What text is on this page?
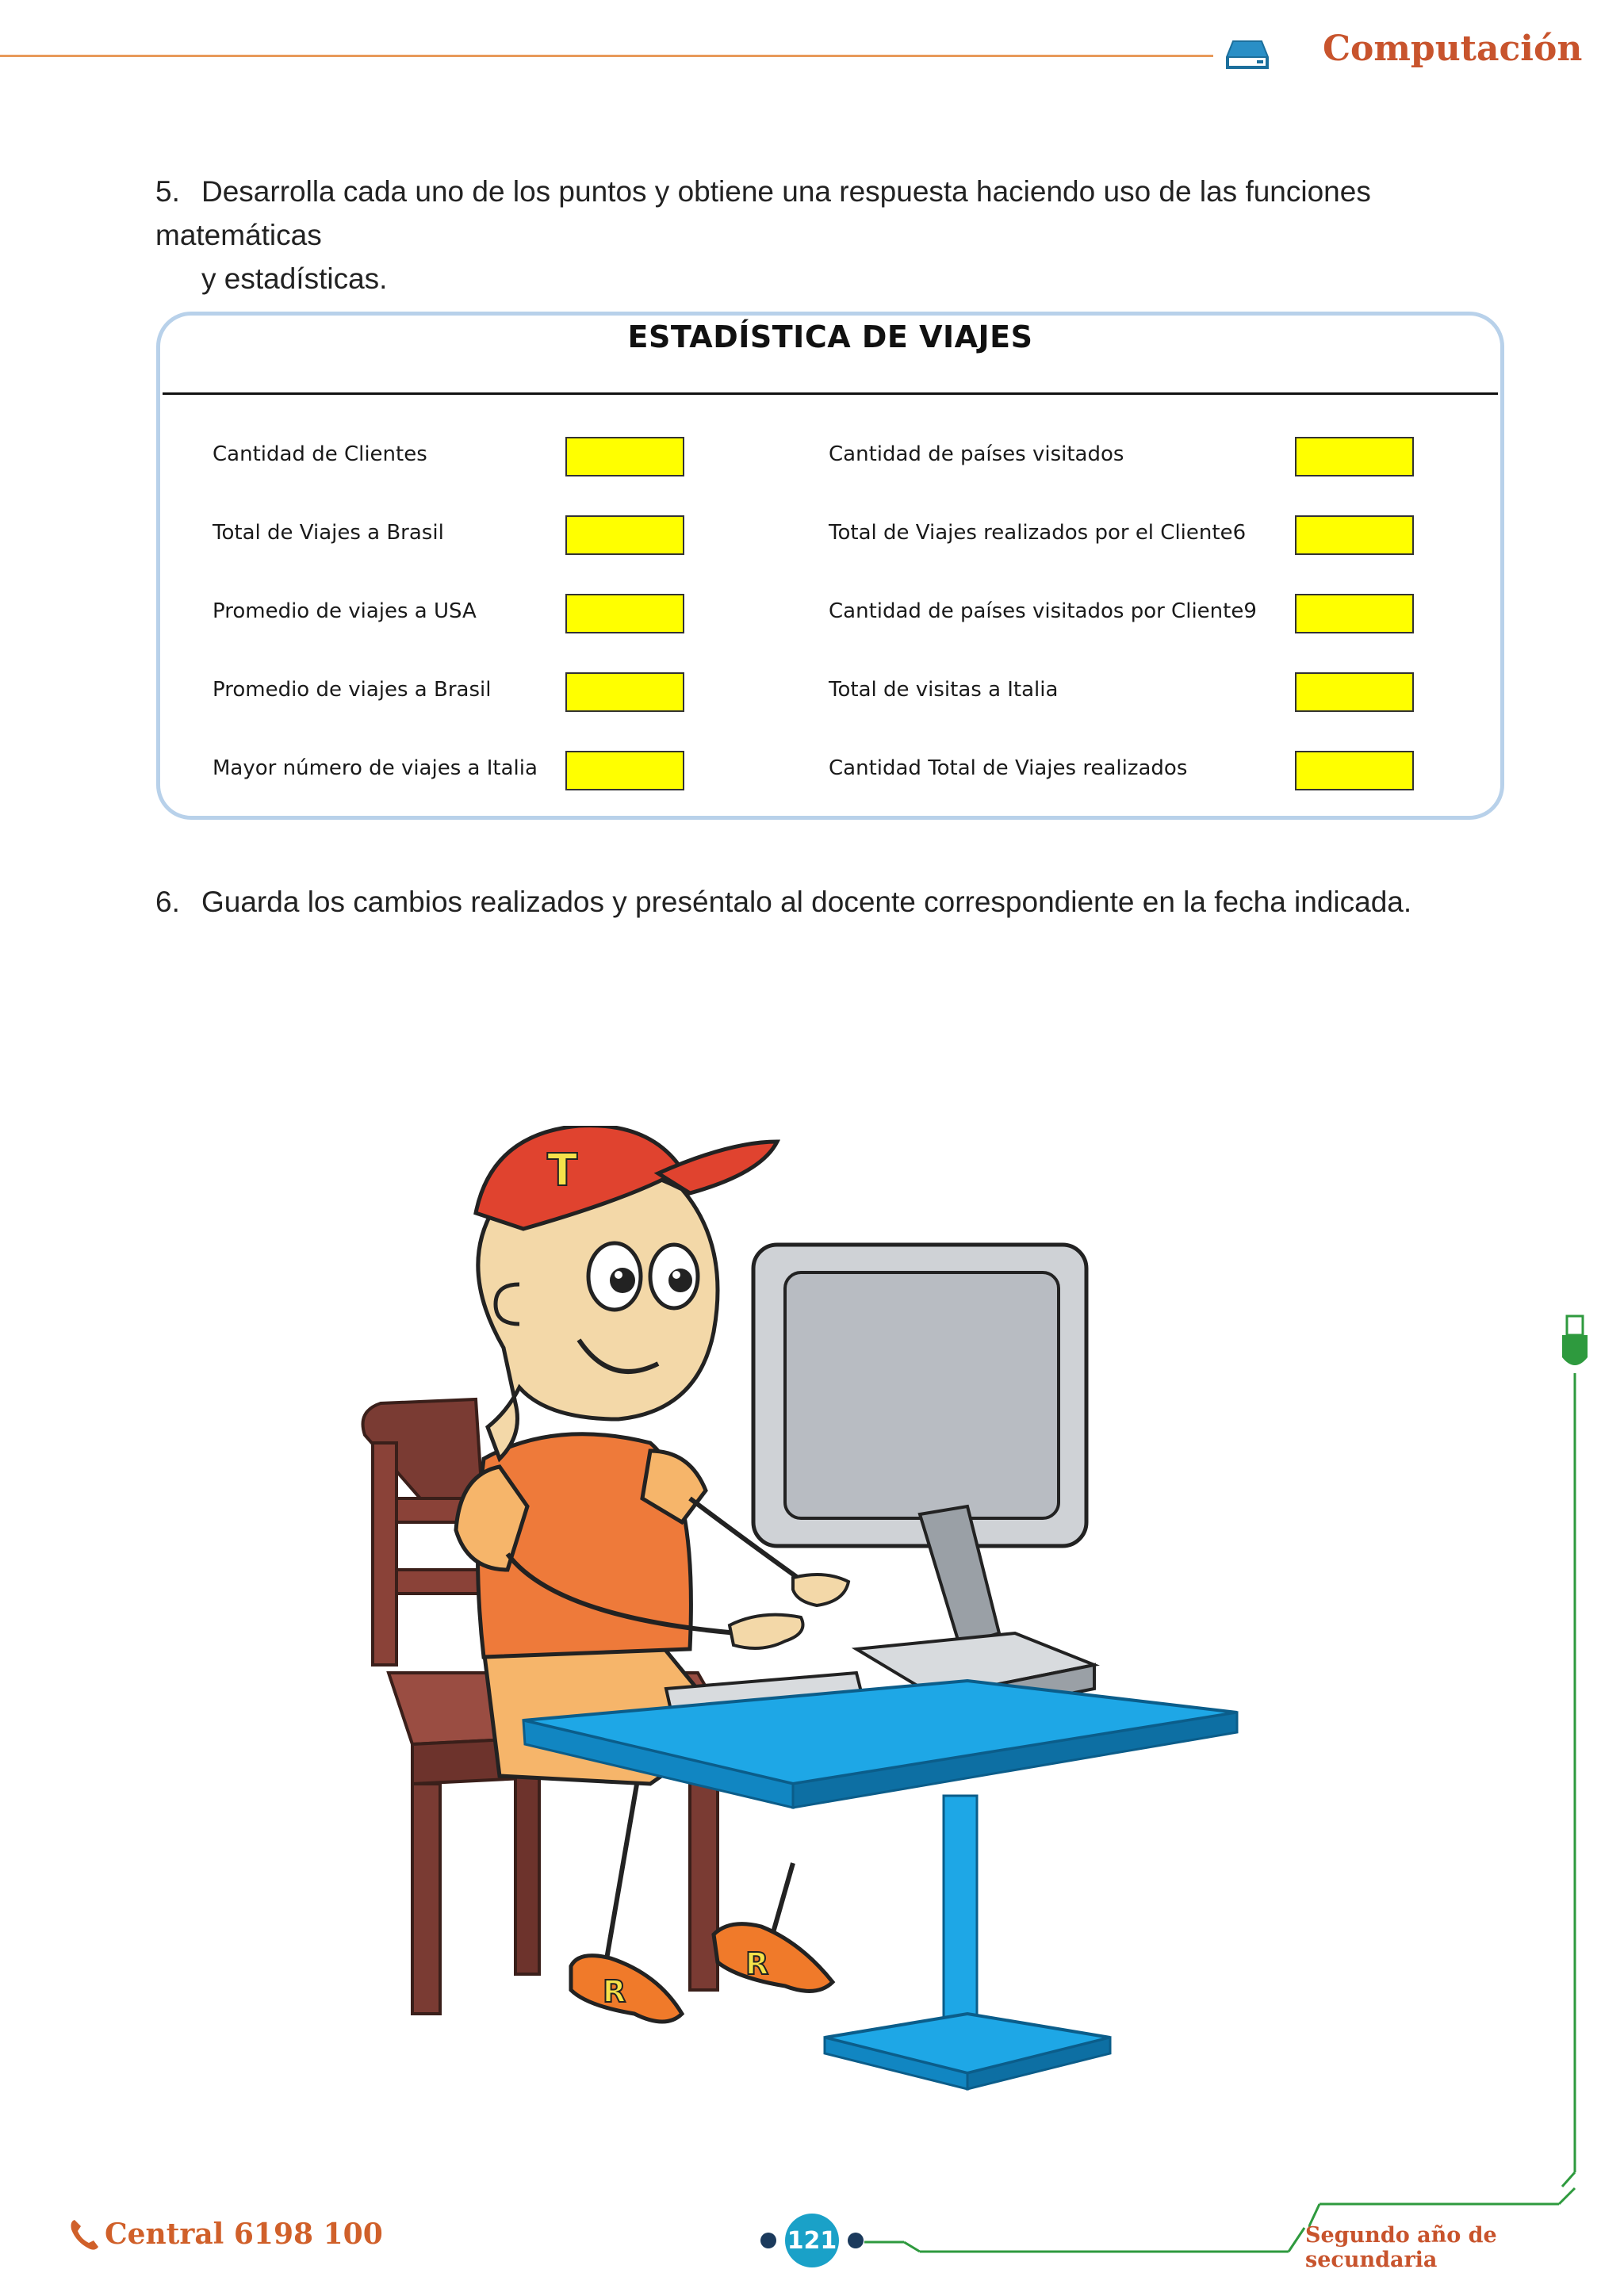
Computación
5. Desarrolla cada uno de los puntos y obtiene una respuesta haciendo uso de las funciones matemáticas
y estadísticas.
ESTADÍSTICA DE VIAJES
Cantidad de Clientes
Total de Viajes a Brasil
Promedio de viajes a USA
Promedio de viajes a Brasil
Mayor número de viajes a Italia
Cantidad de países visitados
Total de Viajes realizados por el Cliente6
Cantidad de países visitados por Cliente9
Total de visitas a Italia
Cantidad Total de Viajes realizados
6. Guarda los cambios realizados y preséntalo al docente correspondiente en la fecha indicada.
R
R
T
Central 6198 100	121	Segundo año de secundaria
